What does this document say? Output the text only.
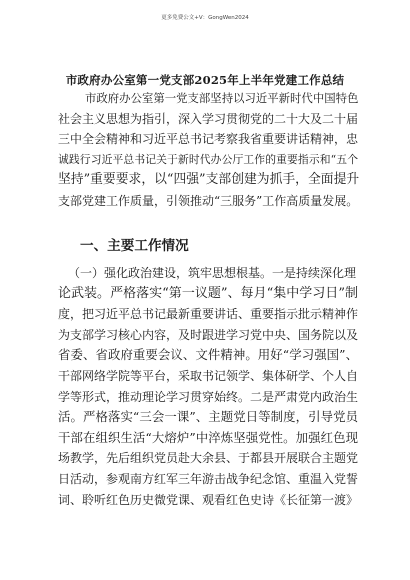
更多免费公文+V：GongWen2024
市政府办公室第一党支部2025年上半年党建工作总结
市政府办公室第一党支部坚持以习近平新时代中国特色
社会主义思想为指引，深入学习贯彻党的二十大及二十届
三中全会精神和习近平总书记考察我省重要讲话精神，忠
诚践行习近平总书记关于新时代办公厅工作的重要指示和“五个
坚持”重要要求，以“四强”支部创建为抓手，全面提升
支部党建工作质量，引领推动“三服务”工作高质量发展。
一、主要工作情况
（一）强化政治建设，筑牢思想根基。一是持续深化理
论武装。严格落实“第一议题”、每月“集中学习日”制
度，把习近平总书记最新重要讲话、重要指示批示精神作
为支部学习核心内容，及时跟进学习党中央、国务院以及
省委、省政府重要会议、文件精神。用好“学习强国”、
干部网络学院等平台，采取书记领学、集体研学、个人自
学等形式，推动理论学习贯穿始终。二是严肃党内政治生
活。严格落实“三会一课”、主题党日等制度，引导党员
干部在组织生活“大熔炉”中淬炼坚强党性。加强红色现
场教学，先后组织党员赴大余县、于都县开展联合主题党
日活动，参观南方红军三年游击战争纪念馆、重温入党誓
词、聆听红色历史微党课、观看红色史诗《长征第一渡》
